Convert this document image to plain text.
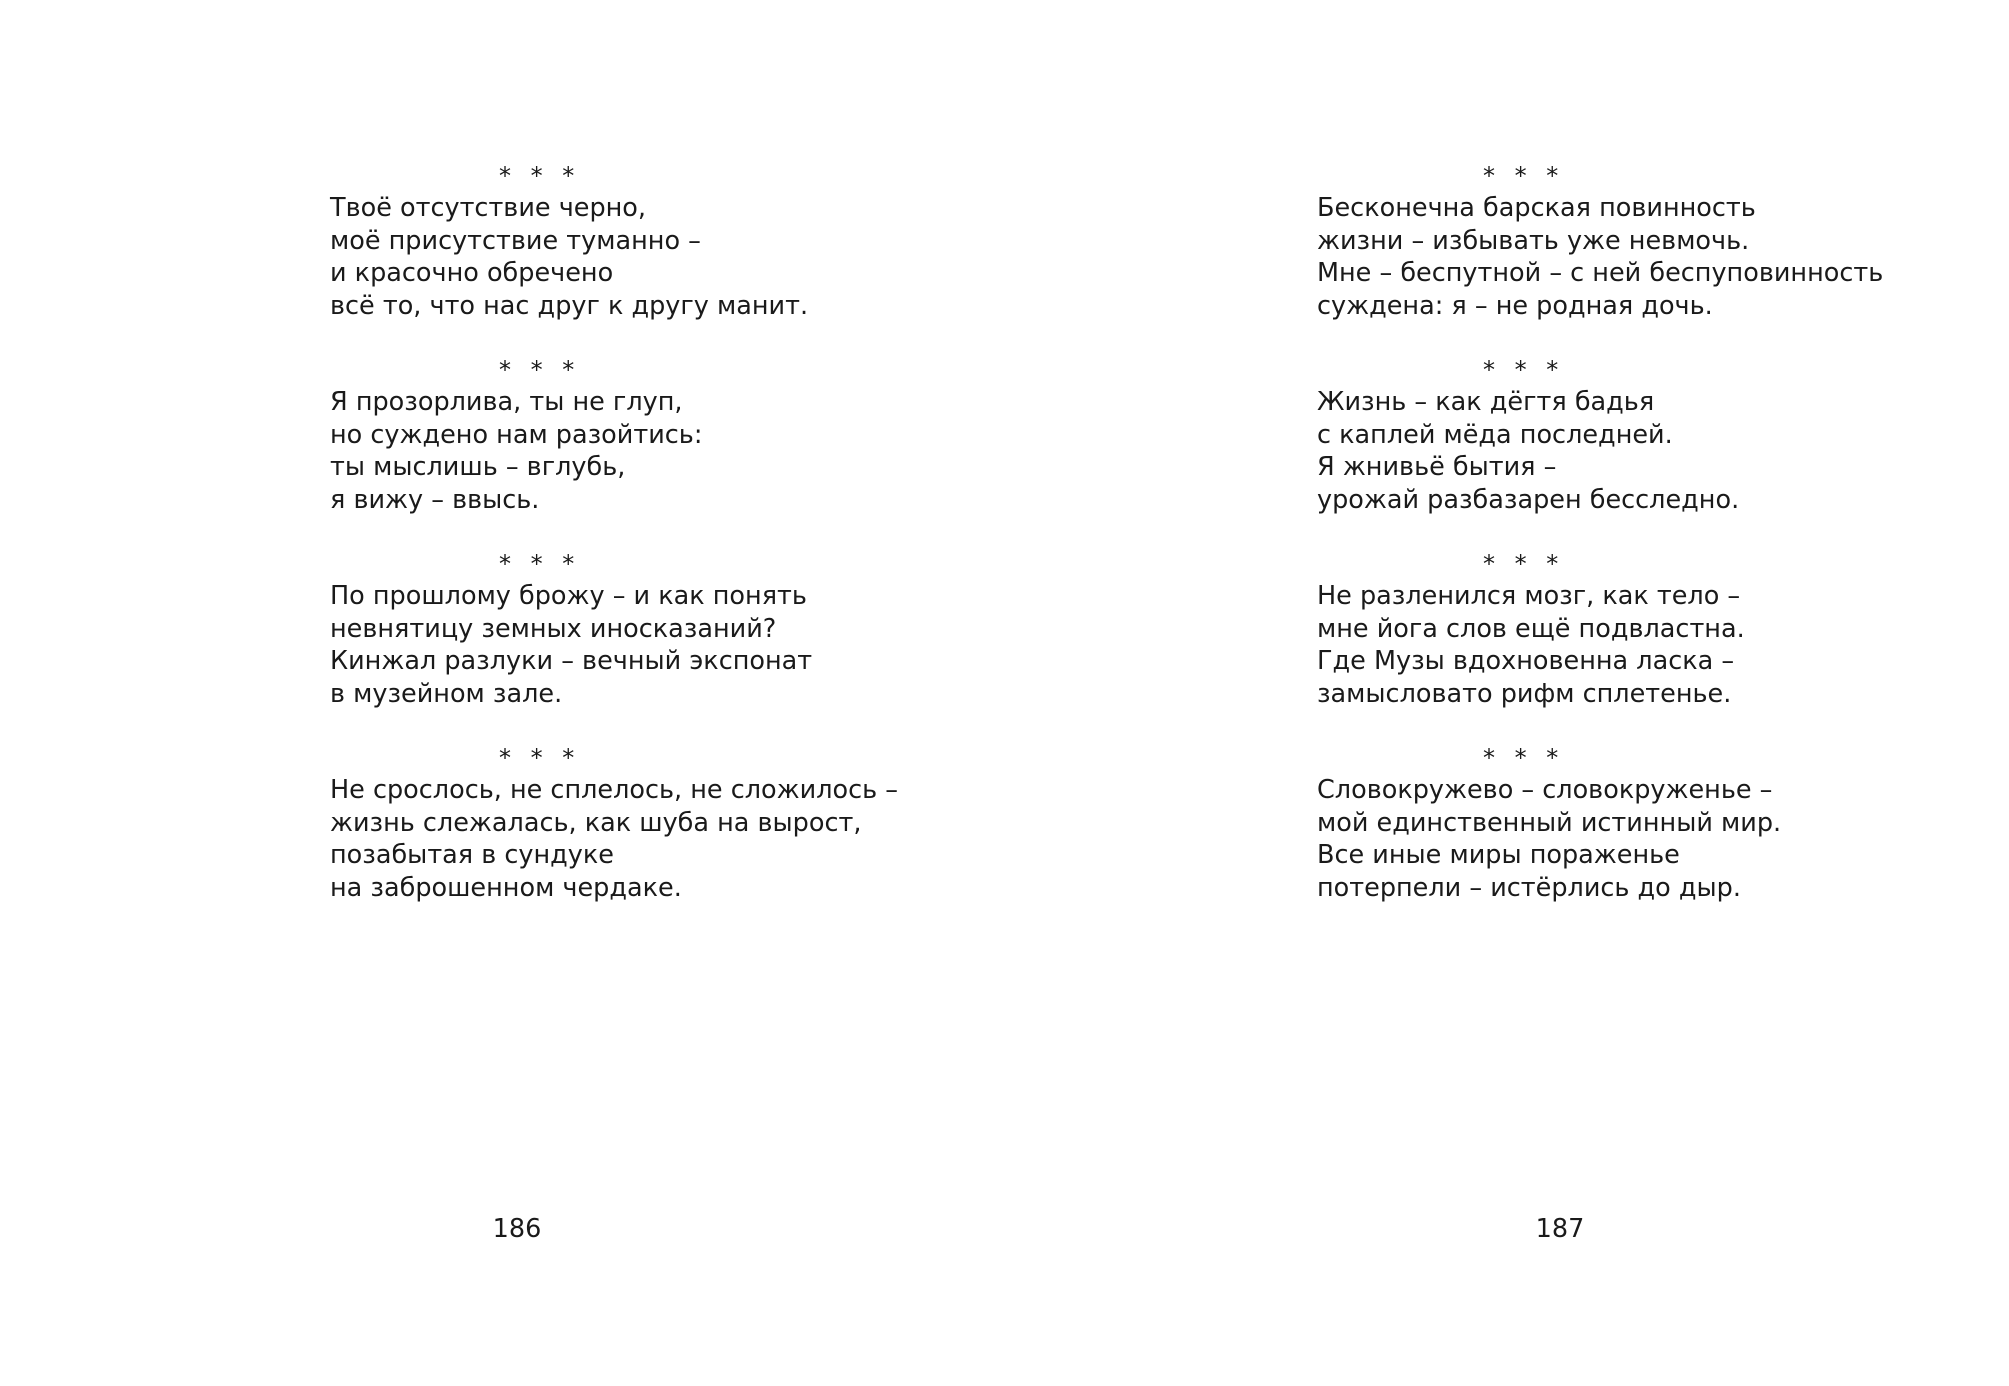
* * *
Твоё отсутствие черно,
моё присутствие туманно –
и красочно обречено
всё то, что нас друг к другу манит.
* * *
Я прозорлива, ты не глуп,
но суждено нам разойтись:
ты мыслишь – вглубь,
я вижу – ввысь.
* * *
По прошлому брожу – и как понять
невнятицу земных иносказаний?
Кинжал разлуки – вечный экспонат
в музейном зале.
* * *
Не срослось, не сплелось, не сложилось –
жизнь слежалась, как шуба на вырост,
позабытая в сундуке
на заброшенном чердаке.
186
* * *
Бесконечна барская повинность
жизни – избывать уже невмочь.
Мне – беспутной – с ней беспуповинность
суждена: я – не родная дочь.
* * *
Жизнь – как дёгтя бадья
с каплей мёда последней.
Я жнивьё бытия –
урожай разбазарен бесследно.
* * *
Не разленился мозг, как тело –
мне йога слов ещё подвластна.
Где Музы вдохновенна ласка –
замысловато рифм сплетенье.
* * *
Словокружево – словокруженье –
мой единственный истинный мир.
Все иные миры пораженье
потерпели – истёрлись до дыр.
187
